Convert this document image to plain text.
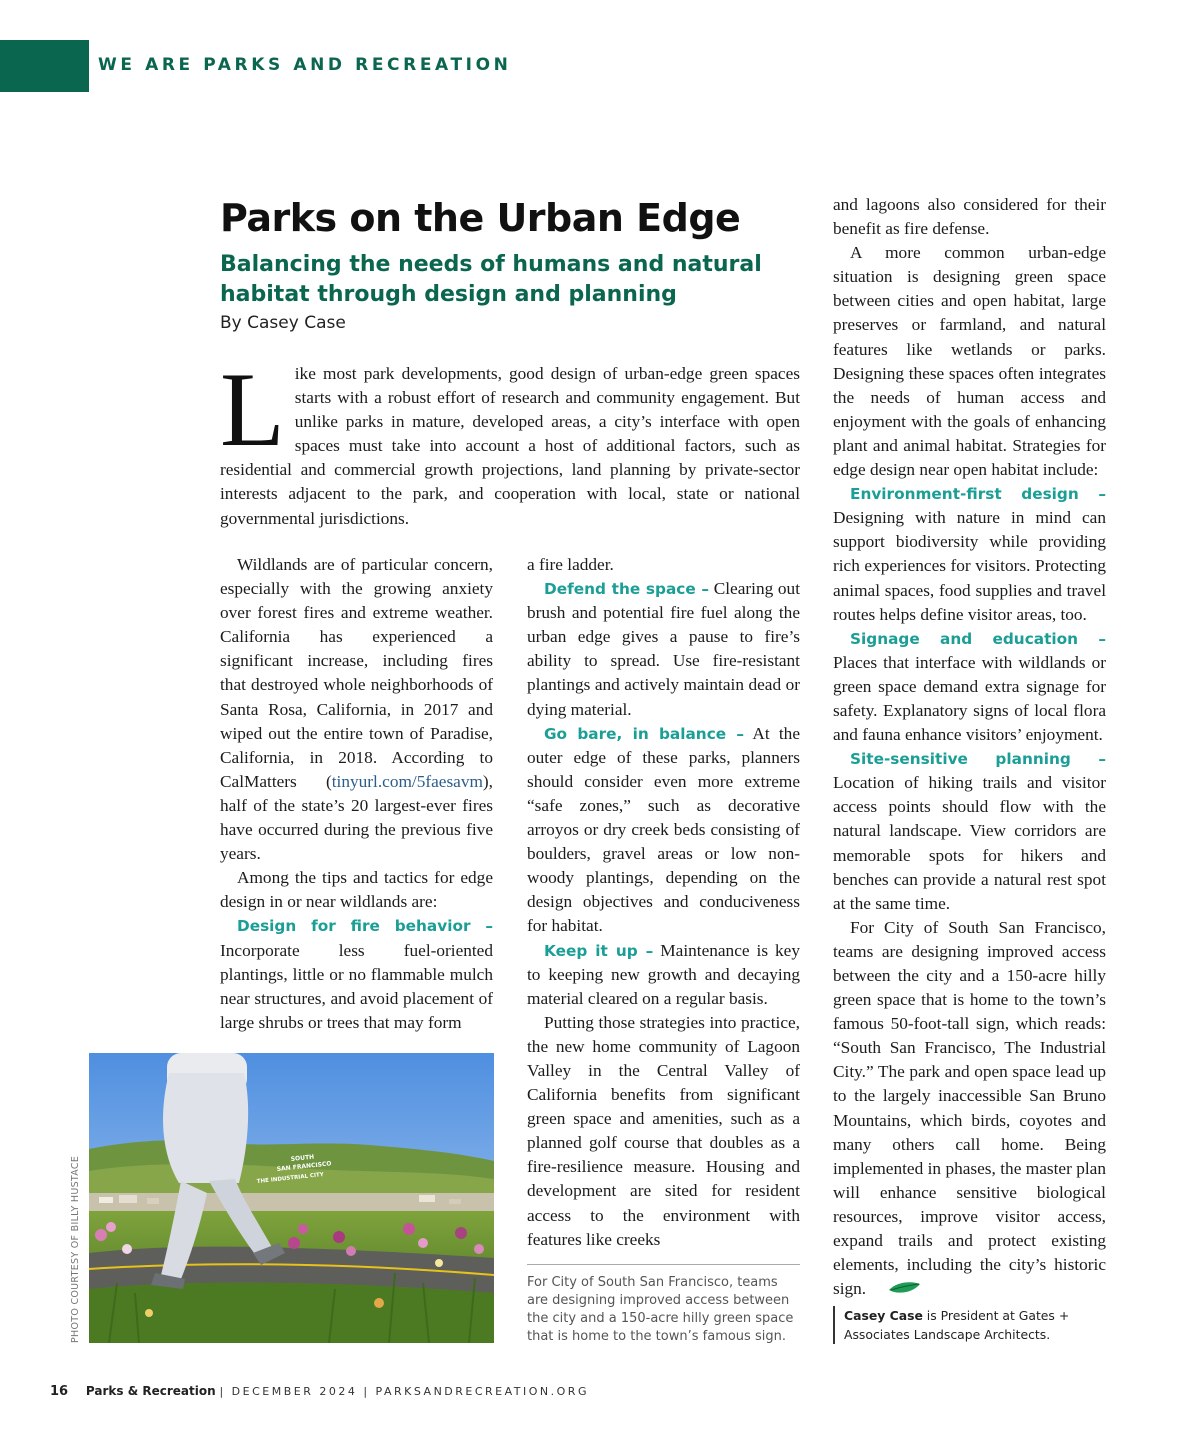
WE ARE PARKS AND RECREATION
Parks on the Urban Edge
Balancing the needs of humans and natural habitat through design and planning
By Casey Case
Like most park developments, good design of urban-edge green spaces starts with a robust effort of research and community engagement. But unlike parks in mature, developed areas, a city’s interface with open spaces must take into account a host of additional factors, such as residential and commercial growth projections, land planning by private-sector interests adjacent to the park, and cooperation with local, state or national governmental jurisdictions.

Wildlands are of particular concern, especially with the growing anxiety over forest fires and extreme weather. California has experienced a significant increase, including fires that destroyed whole neighborhoods of Santa Rosa, California, in 2017 and wiped out the entire town of Paradise, California, in 2018. According to CalMatters (tinyurl.com/5faesavm), half of the state’s 20 largest-ever fires have occurred during the previous five years.

Among the tips and tactics for edge design in or near wildlands are:

Design for fire behavior – Incorporate less fuel-oriented plantings, little or no flammable mulch near structures, and avoid placement of large shrubs or trees that may form

SOUTH
SAN FRANCISCO
THE INDUSTRIAL CITY
PHOTO COURTESY OF BILLY HUSTACE

a fire ladder.

Defend the space – Clearing out brush and potential fire fuel along the urban edge gives a pause to fire’s ability to spread. Use fire-resistant plantings and actively maintain dead or dying material.

Go bare, in balance – At the outer edge of these parks, planners should consider even more extreme “safe zones,” such as decorative arroyos or dry creek beds consisting of boulders, gravel areas or low non-woody plantings, depending on the design objectives and conduciveness for habitat.

Keep it up – Maintenance is key to keeping new growth and decaying material cleared on a regular basis.

Putting those strategies into practice, the new home community of Lagoon Valley in the Central Valley of California benefits from significant green space and amenities, such as a planned golf course that doubles as a fire-resilience measure. Housing and development are sited for resident access to the environment with features like creeks

For City of South San Francisco, teams are designing improved access between the city and a 150-acre hilly green space that is home to the town’s famous sign.

and lagoons also considered for their benefit as fire defense.

A more common urban-edge situation is designing green space between cities and open habitat, large preserves or farmland, and natural features like wetlands or parks. Designing these spaces often integrates the needs of human access and enjoyment with the goals of enhancing plant and animal habitat. Strategies for edge design near open habitat include:

Environment-first design – Designing with nature in mind can support biodiversity while providing rich experiences for visitors. Protecting animal spaces, food supplies and travel routes helps define visitor areas, too.

Signage and education – Places that interface with wildlands or green space demand extra signage for safety. Explanatory signs of local flora and fauna enhance visitors’ enjoyment.

Site-sensitive planning – Location of hiking trails and visitor access points should flow with the natural landscape. View corridors are memorable spots for hikers and benches can provide a natural rest spot at the same time.

For City of South San Francisco, teams are designing improved access between the city and a 150-acre hilly green space that is home to the town’s famous 50-foot-tall sign, which reads: “South San Francisco, The Industrial City.” The park and open space lead up to the largely inaccessible San Bruno Mountains, which birds, coyotes and many others call home. Being implemented in phases, the master plan will enhance sensitive biological resources, improve visitor access, expand trails and protect existing elements, including the city’s historic sign.

Casey Case is President at Gates + Associates Landscape Architects.
16 Parks & Recreation | DECEMBER 2024 | PARKSANDRECREATION.ORG
